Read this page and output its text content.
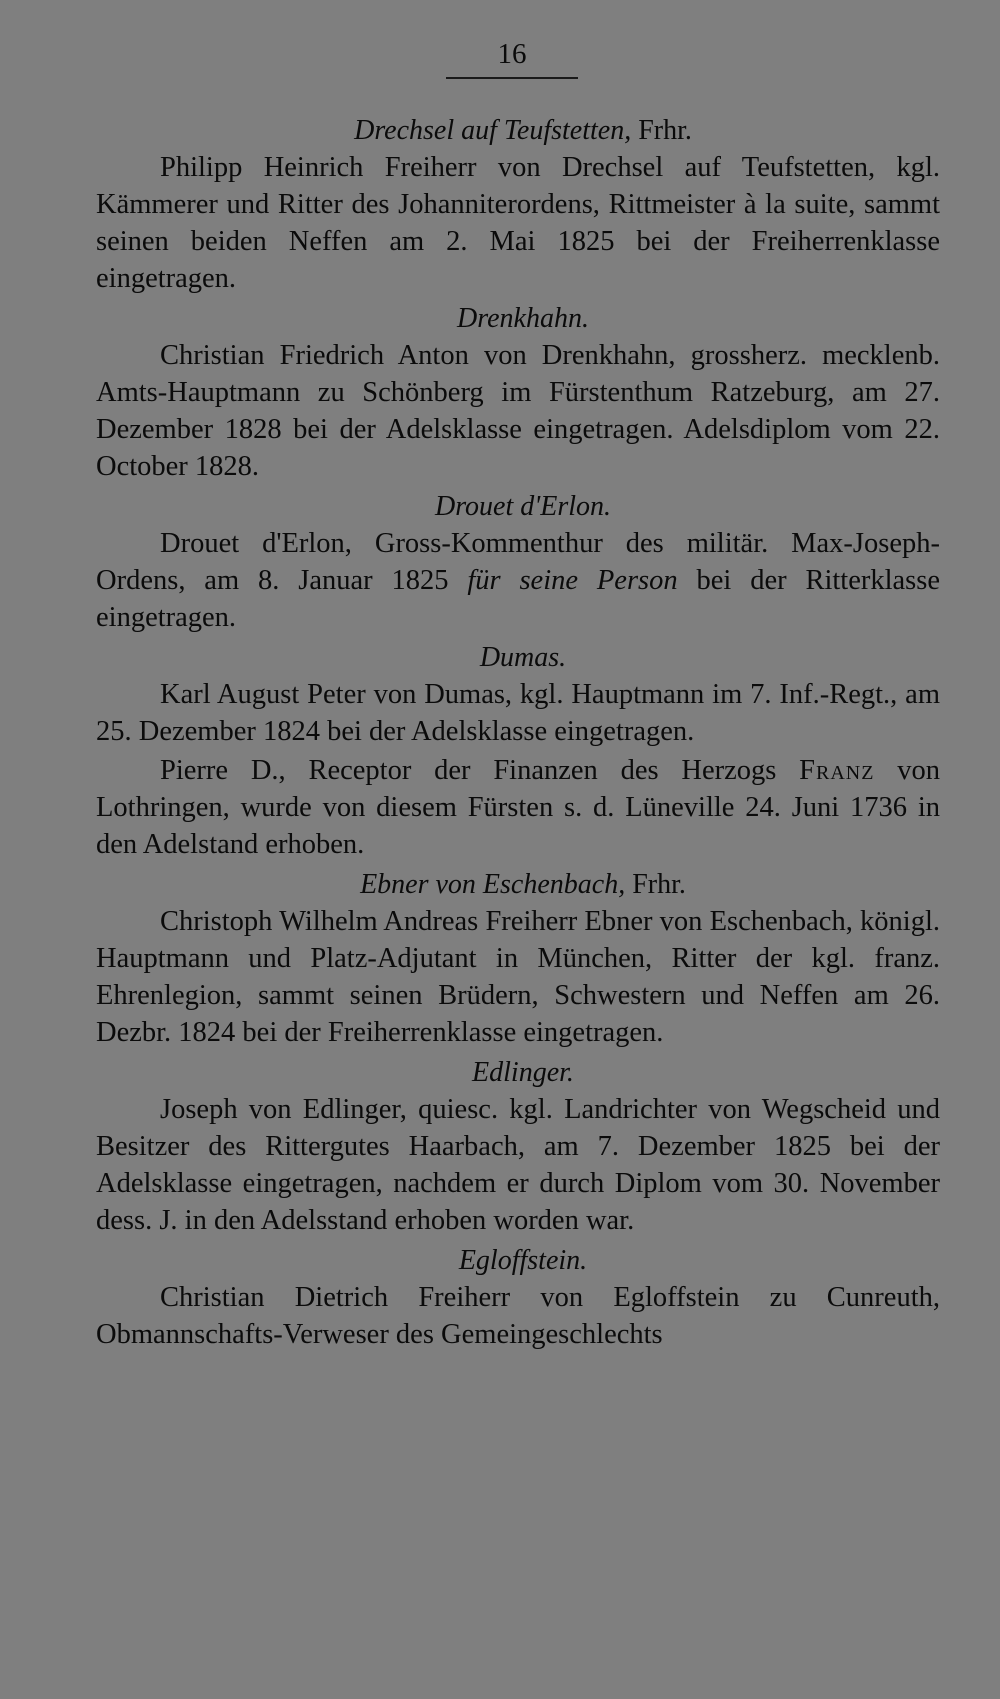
16

Drechsel auf Teufstetten, Frhr.

Philipp Heinrich Freiherr von Drechsel auf Teufstetten, kgl. Kämmerer und Ritter des Johanniterordens, Rittmeister à la suite, sammt seinen beiden Neffen am 2. Mai 1825 bei der Freiherrenklasse eingetragen.

Drenkhahn.

Christian Friedrich Anton von Drenkhahn, grossherz. mecklenb. Amts-Hauptmann zu Schönberg im Fürstenthum Ratzeburg, am 27. Dezember 1828 bei der Adelsklasse eingetragen. Adelsdiplom vom 22. October 1828.

Drouet d'Erlon.

Drouet d'Erlon, Gross-Kommenthur des militär. Max-Joseph-Ordens, am 8. Januar 1825 für seine Person bei der Ritterklasse eingetragen.

Dumas.

Karl August Peter von Dumas, kgl. Hauptmann im 7. Inf.-Regt., am 25. Dezember 1824 bei der Adelsklasse eingetragen.

Pierre D., Receptor der Finanzen des Herzogs Franz von Lothringen, wurde von diesem Fürsten s. d. Lüneville 24. Juni 1736 in den Adelstand erhoben.

Ebner von Eschenbach, Frhr.

Christoph Wilhelm Andreas Freiherr Ebner von Eschenbach, königl. Hauptmann und Platz-Adjutant in München, Ritter der kgl. franz. Ehrenlegion, sammt seinen Brüdern, Schwestern und Neffen am 26. Dezbr. 1824 bei der Freiherrenklasse eingetragen.

Edlinger.

Joseph von Edlinger, quiesc. kgl. Landrichter von Wegscheid und Besitzer des Rittergutes Haarbach, am 7. Dezember 1825 bei der Adelsklasse eingetragen, nachdem er durch Diplom vom 30. November dess. J. in den Adelsstand erhoben worden war.

Egloffstein.

Christian Dietrich Freiherr von Egloffstein zu Cunreuth, Obmannschafts-Verweser des Gemeingeschlechts
